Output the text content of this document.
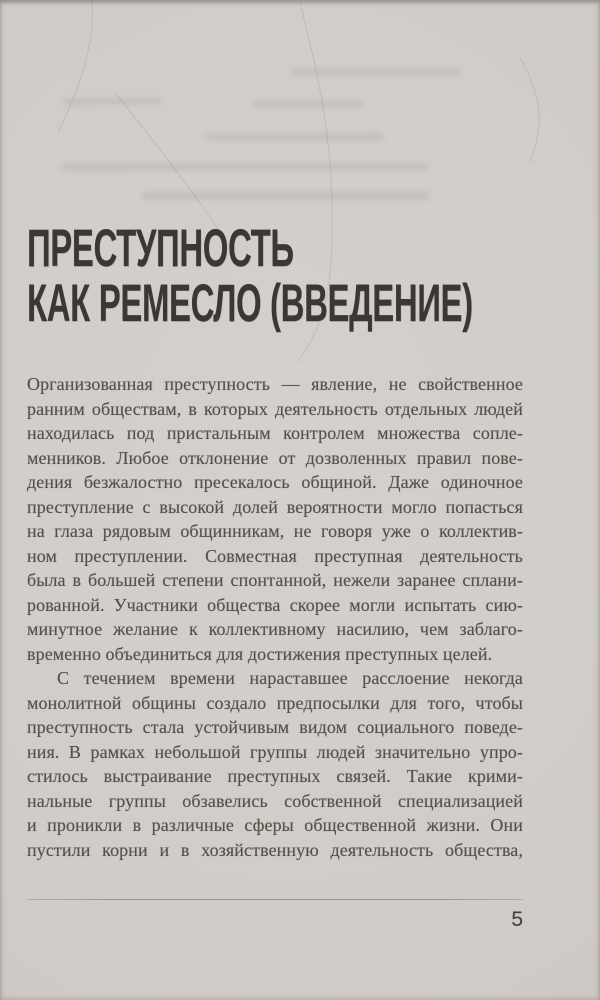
ПРЕСТУПНОСТЬ
КАК РЕМЕСЛО (ВВЕДЕНИЕ)
Организованная преступность — явление, не свойственное
ранним обществам, в которых деятельность отдельных людей
находилась под пристальным контролем множества сопле-
менников. Любое отклонение от дозволенных правил пове-
дения безжалостно пресекалось общиной. Даже одиночное
преступление с высокой долей вероятности могло попасться
на глаза рядовым общинникам, не говоря уже о коллектив-
ном преступлении. Совместная преступная деятельность
была в большей степени спонтанной, нежели заранее сплани-
рованной. Участники общества скорее могли испытать сию-
минутное желание к коллективному насилию, чем заблаго-
временно объединиться для достижения преступных целей.
С течением времени нараставшее расслоение некогда
монолитной общины создало предпосылки для того, чтобы
преступность стала устойчивым видом социального поведе-
ния. В рамках небольшой группы людей значительно упро-
стилось выстраивание преступных связей. Такие крими-
нальные группы обзавелись собственной специализацией
и проникли в различные сферы общественной жизни. Они
пустили корни и в хозяйственную деятельность общества,
5
